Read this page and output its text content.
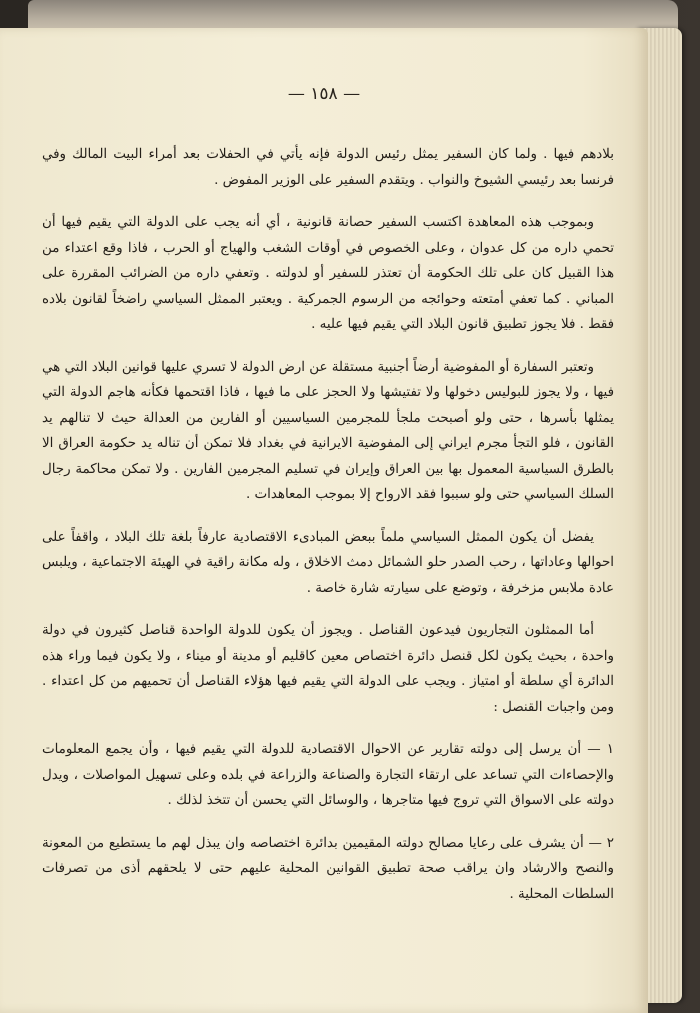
— ١٥٨ —

بلادهم فيها . ولما كان السفير يمثل رئيس الدولة فإنه يأتي في الحفلات بعد أمراء البيت المالك وفي فرنسا بعد رئيسي الشيوخ والنواب . ويتقدم السفير على الوزير المفوض .

وبموجب هذه المعاهدة اكتسب السفير حصانة قانونية ، أي أنه يجب على الدولة التي يقيم فيها أن تحمي داره من كل عدوان ، وعلى الخصوص في أوقات الشغب والهياج أو الحرب ، فاذا وقع اعتداء من هذا القبيل كان على تلك الحكومة أن تعتذر للسفير أو لدولته . وتعفي داره من الضرائب المقررة على المباني . كما تعفي أمتعته وحوائجه من الرسوم الجمركية . ويعتبر الممثل السياسي راضخاً لقانون بلاده فقط . فلا يجوز تطبيق قانون البلاد التي يقيم فيها عليه .

وتعتبر السفارة أو المفوضية أرضاً أجنبية مستقلة عن ارض الدولة لا تسري عليها قوانين البلاد التي هي فيها ، ولا يجوز للبوليس دخولها ولا تفتيشها ولا الحجز على ما فيها ، فاذا اقتحمها فكأنه هاجم الدولة التي يمثلها بأسرها ، حتى ولو أصبحت ملجأ للمجرمين السياسيين أو الفارين من العدالة حيث لا تنالهم يد القانون ، فلو التجأ مجرم ايراني إلى المفوضية الايرانية في بغداد فلا تمكن أن تناله يد حكومة العراق الا بالطرق السياسية المعمول بها بين العراق وإيران في تسليم المجرمين الفارين . ولا تمكن محاكمة رجال السلك السياسي حتى ولو سببوا فقد الارواح إلا بموجب المعاهدات .

يفضل أن يكون الممثل السياسي ملماً ببعض المبادىء الاقتصادية عارفاً بلغة تلك البلاد ، واقفاً على احوالها وعاداتها ، رحب الصدر حلو الشمائل دمث الاخلاق ، وله مكانة راقية في الهيئة الاجتماعية ، ويلبس عادة ملابس مزخرفة ، وتوضع على سيارته شارة خاصة .

أما الممثلون التجاريون فيدعون القناصل . ويجوز أن يكون للدولة الواحدة قناصل كثيرون في دولة واحدة ، بحيث يكون لكل قنصل دائرة اختصاص معين كاقليم أو مدينة أو ميناء ، ولا يكون فيما وراء هذه الدائرة أي سلطة أو امتياز . ويجب على الدولة التي يقيم فيها هؤلاء القناصل أن تحميهم من كل اعتداء . ومن واجبات القنصل :

١ — أن يرسل إلى دولته تقارير عن الاحوال الاقتصادية للدولة التي يقيم فيها ، وأن يجمع المعلومات والإحصاءات التي تساعد على ارتقاء التجارة والصناعة والزراعة في بلده وعلى تسهيل المواصلات ، ويدل دولته على الاسواق التي تروج فيها متاجرها ، والوسائل التي يحسن أن تتخذ لذلك .

٢ — أن يشرف على رعايا مصالح دولته المقيمين بدائرة اختصاصه وان يبذل لهم ما يستطيع من المعونة والنصح والارشاد وان يراقب صحة تطبيق القوانين المحلية عليهم حتى لا يلحقهم أذى من تصرفات السلطات المحلية .
